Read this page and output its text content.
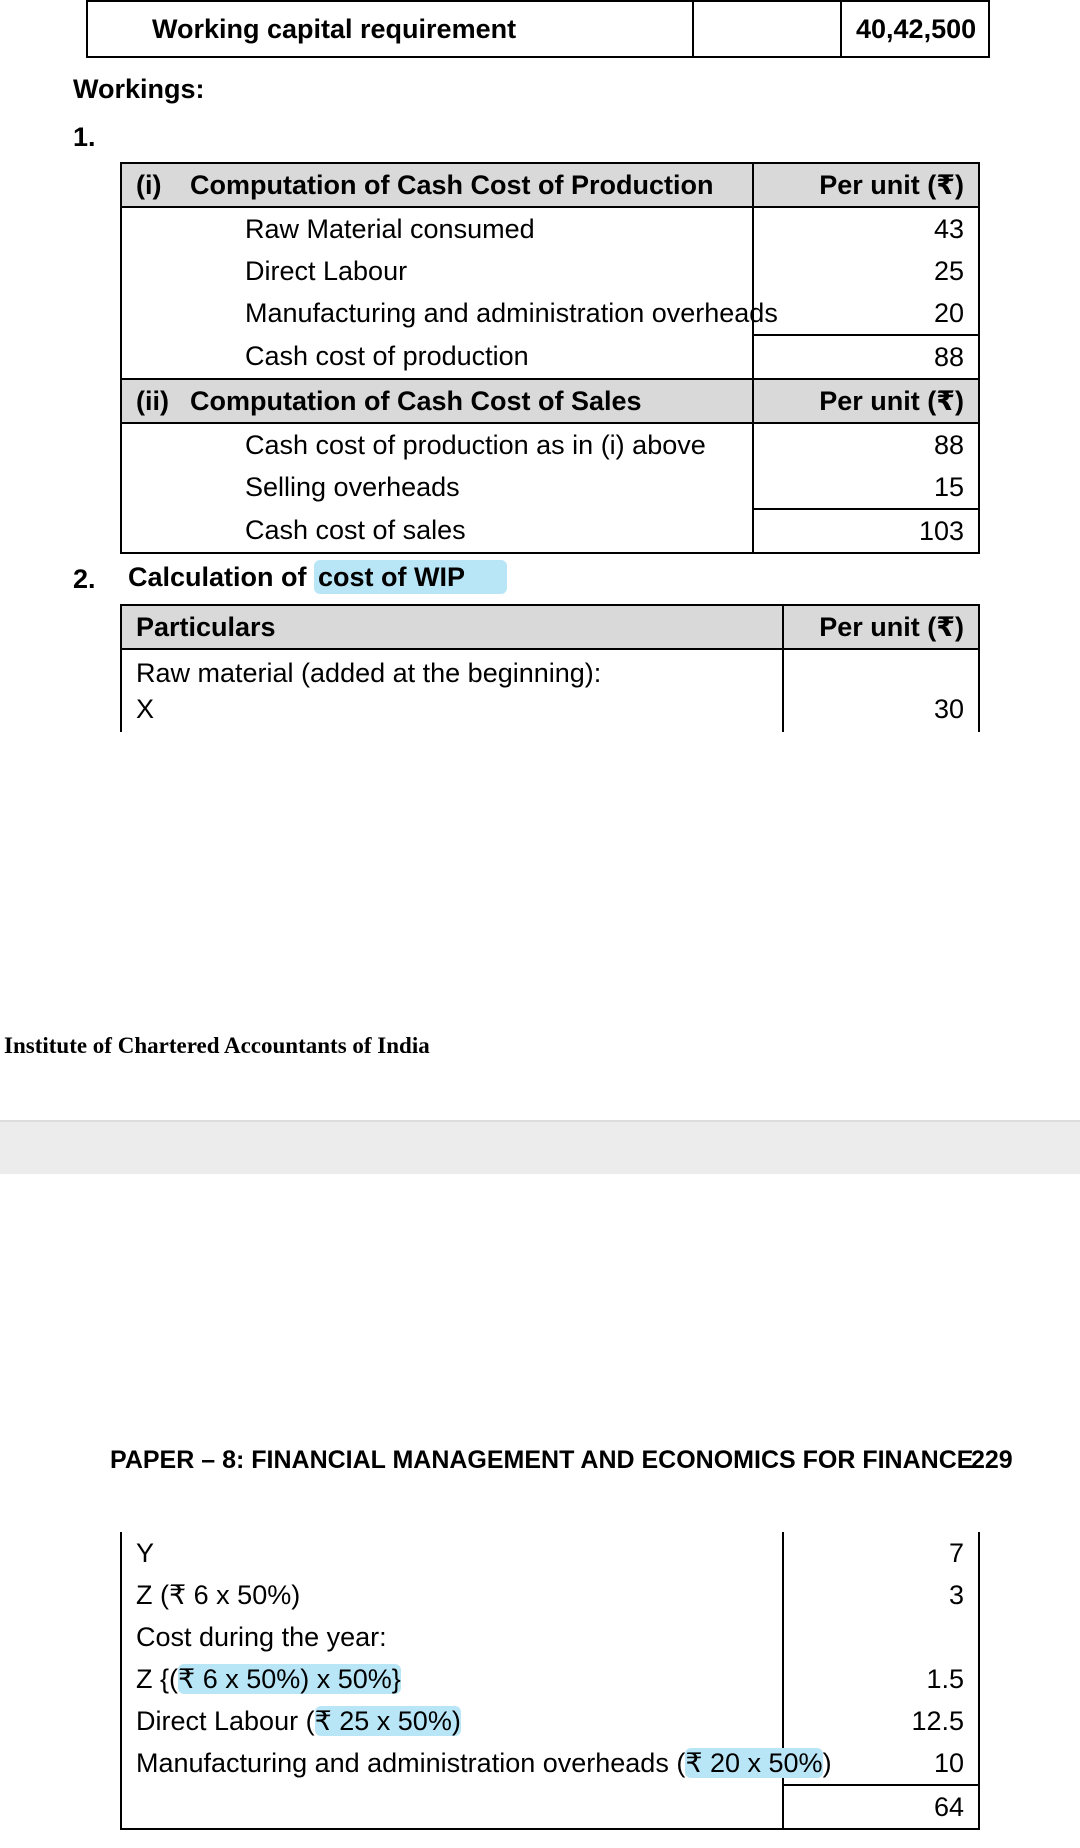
Working capital requirement		40,42,500
Workings:
1.
(i) Computation of Cash Cost of Production	Per unit (₹)
Raw Material consumed	43
Direct Labour	25
Manufacturing and administration overheads	20
Cash cost of production	88
(ii) Computation of Cash Cost of Sales	Per unit (₹)
Cash cost of production as in (i) above	88
Selling overheads	15
Cash cost of sales	103
2. Calculation of cost of WIP
Particulars	Per unit (₹)
Raw material (added at the beginning):	
X	30
Institute of Chartered Accountants of India
PAPER – 8: FINANCIAL MANAGEMENT AND ECONOMICS FOR FINANCE
229
Y	7
Z (₹ 6 x 50%)	3
Cost during the year:	
Z {(₹ 6 x 50%) x 50%}	1.5
Direct Labour (₹ 25 x 50%)	12.5
Manufacturing and administration overheads (₹ 20 x 50%)	10
	64
